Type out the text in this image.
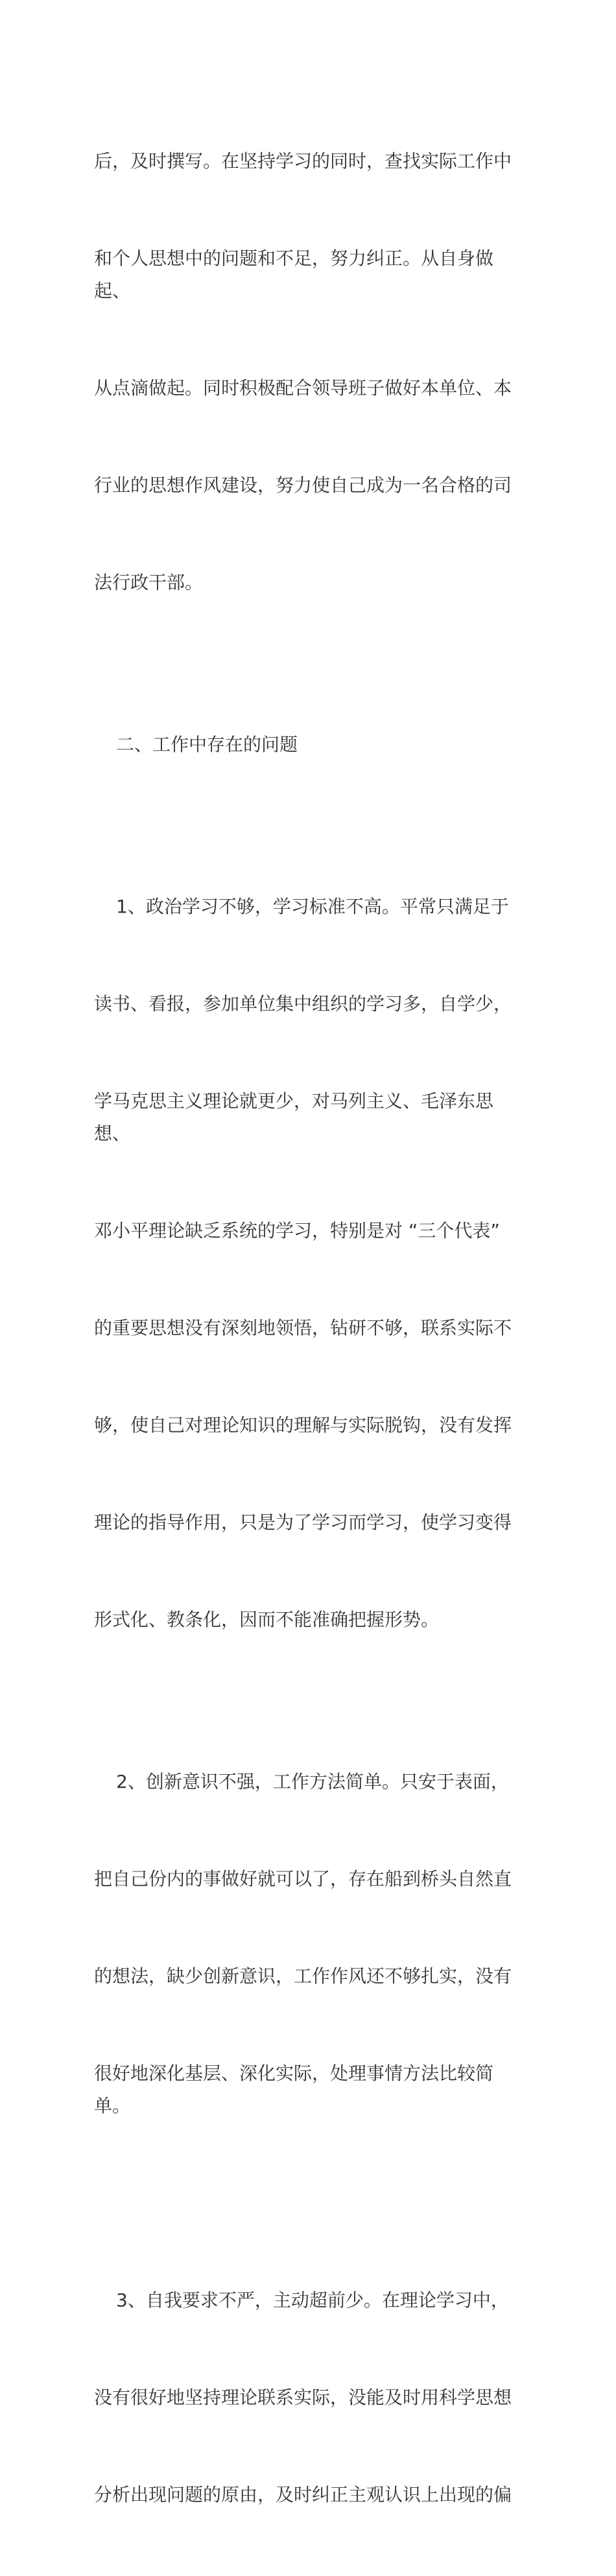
后，及时撰写。在坚持学习的同时，查找实际工作中

和个人思想中的问题和不足，努力纠正。从自身做起、

从点滴做起。同时积极配合领导班子做好本单位、本

行业的思想作风建设，努力使自己成为一名合格的司

法行政干部。

二、工作中存在的问题

1、政治学习不够，学习标准不高。平常只满足于

读书、看报，参加单位集中组织的学习多，自学少，

学马克思主义理论就更少，对马列主义、毛泽东思想、

邓小平理论缺乏系统的学习，特别是对 “三个代表”

的重要思想没有深刻地领悟，钻研不够，联系实际不

够，使自己对理论知识的理解与实际脱钩，没有发挥

理论的指导作用，只是为了学习而学习，使学习变得

形式化、教条化，因而不能准确把握形势。

2、创新意识不强，工作方法简单。只安于表面，

把自己份内的事做好就可以了，存在船到桥头自然直

的想法，缺少创新意识，工作作风还不够扎实，没有

很好地深化基层、深化实际，处理事情方法比较简单。

3、自我要求不严，主动超前少。在理论学习中，

没有很好地坚持理论联系实际，没能及时用科学思想

分析出现问题的原由，及时纠正主观认识上出现的偏
